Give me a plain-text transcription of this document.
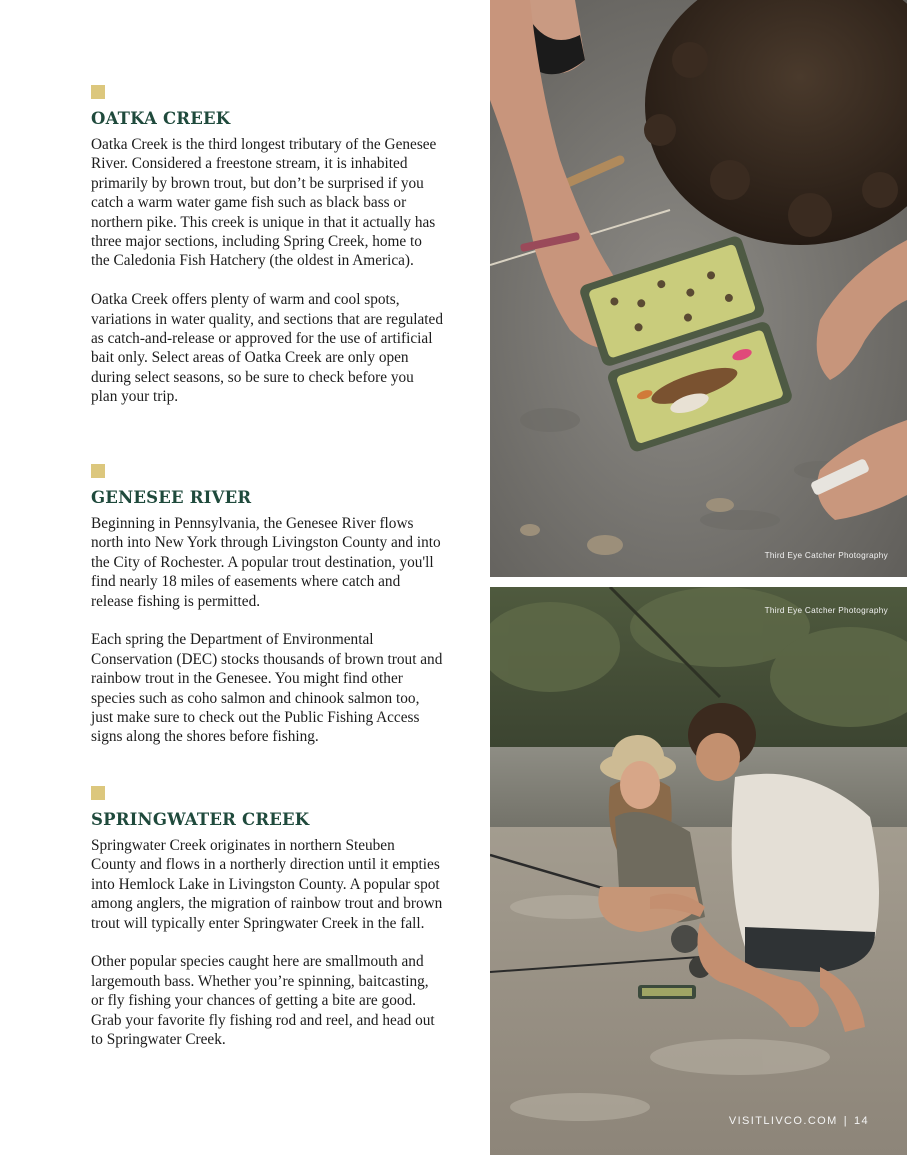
OATKA CREEK

Oatka Creek is the third longest tributary of the Genesee River. Considered a freestone stream, it is inhabited primarily by brown trout, but don’t be surprised if you catch a warm water game fish such as black bass or northern pike. This creek is unique in that it actually has three major sections, including Spring Creek, home to the Caledonia Fish Hatchery (the oldest in America).

Oatka Creek offers plenty of warm and cool spots, variations in water quality, and sections that are regulated as catch-and-release or approved for the use of artificial bait only. Select areas of Oatka Creek are only open during select seasons, so be sure to check before you plan your trip.

GENESEE RIVER

Beginning in Pennsylvania, the Genesee River flows north into New York through Livingston County and into the City of Rochester. A popular trout destination, you'll find nearly 18 miles of easements where catch and release fishing is permitted.

Each spring the Department of Environmental Conservation (DEC) stocks thousands of brown trout and rainbow trout in the Genesee. You might find other species such as coho salmon and chinook salmon too, just make sure to check out the Public Fishing Access signs along the shores before fishing.

SPRINGWATER CREEK

Springwater Creek originates in northern Steuben County and flows in a northerly direction until it empties into Hemlock Lake in Livingston County. A popular spot among anglers, the migration of rainbow trout and brown trout will typically enter Springwater Creek in the fall.

Other popular species caught here are smallmouth and largemouth bass. Whether you’re spinning, baitcasting, or fly fishing your chances of getting a bite are good. Grab your favorite fly fishing rod and reel, and head out to Springwater Creek.

Third Eye Catcher Photography
Third Eye Catcher Photography
VISITLIVCO.COM | 14
